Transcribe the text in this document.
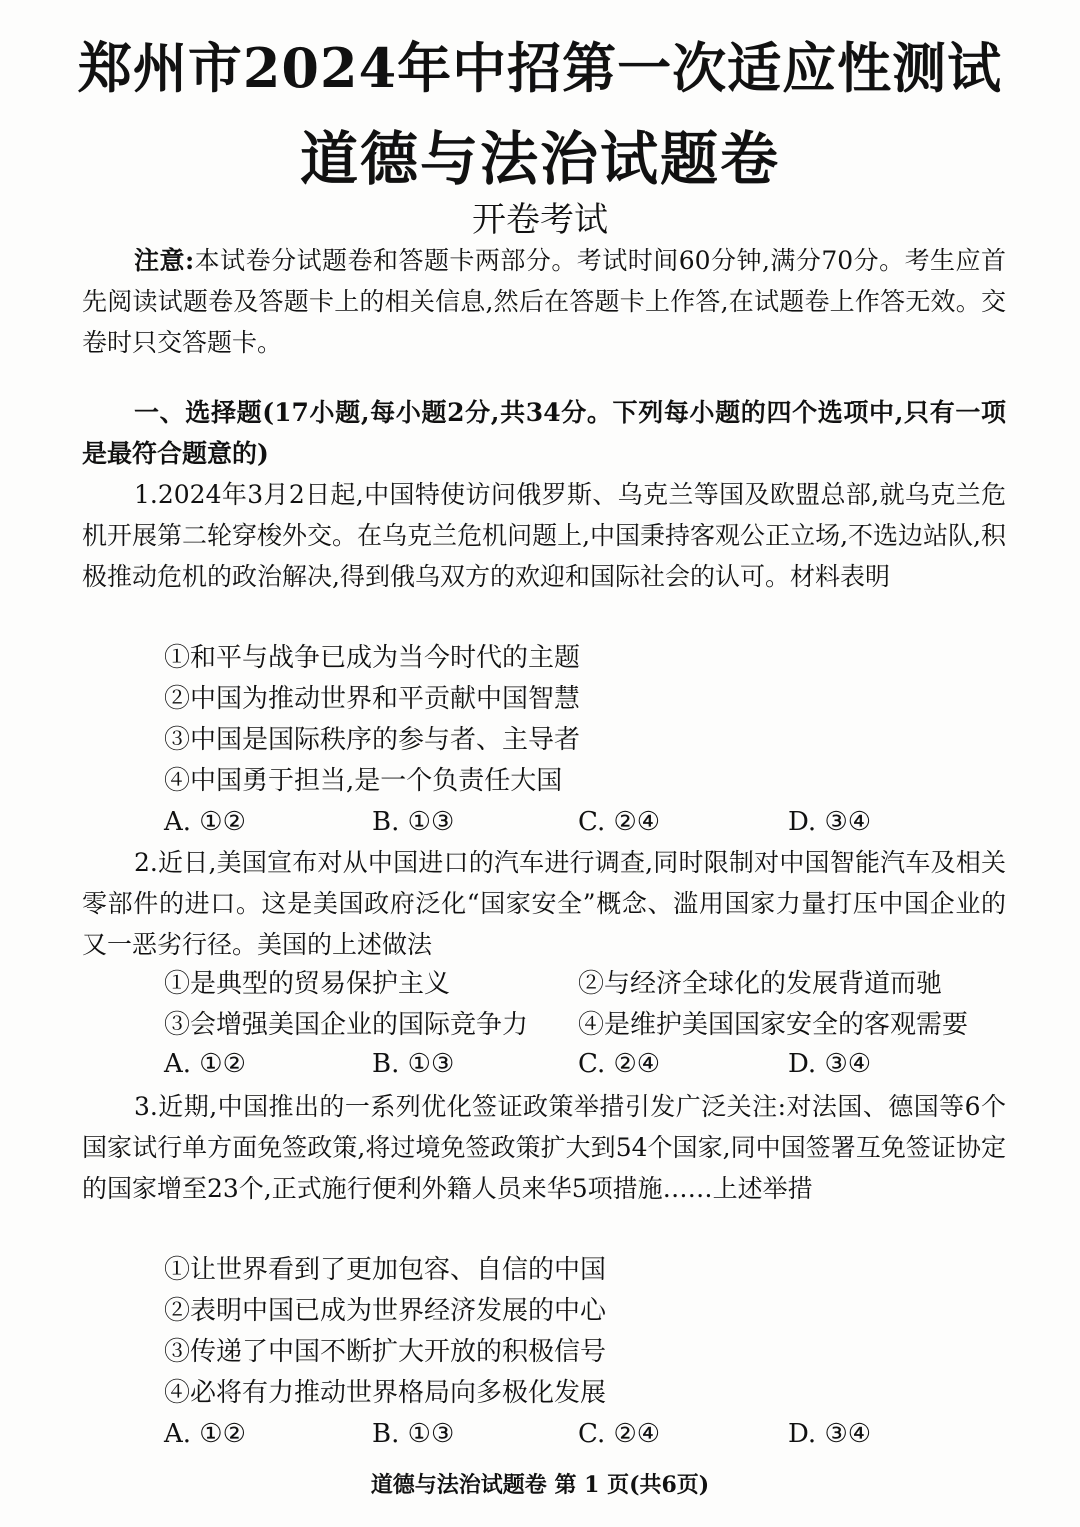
郑州市2024年中招第一次适应性测试
道德与法治试题卷
开卷考试
注意:本试卷分试题卷和答题卡两部分。考试时间60分钟,满分70分。考生应首先阅读试题卷及答题卡上的相关信息,然后在答题卡上作答,在试题卷上作答无效。交卷时只交答题卡。
一、选择题(17小题,每小题2分,共34分。下列每小题的四个选项中,只有一项是最符合题意的)
1.2024年3月2日起,中国特使访问俄罗斯、乌克兰等国及欧盟总部,就乌克兰危机开展第二轮穿梭外交。在乌克兰危机问题上,中国秉持客观公正立场,不选边站队,积极推动危机的政治解决,得到俄乌双方的欢迎和国际社会的认可。材料表明
①和平与战争已成为当今时代的主题
②中国为推动世界和平贡献中国智慧
③中国是国际秩序的参与者、主导者
④中国勇于担当,是一个负责任大国
A. ①②	B. ①③	C. ②④	D. ③④
2.近日,美国宣布对从中国进口的汽车进行调查,同时限制对中国智能汽车及相关零部件的进口。这是美国政府泛化“国家安全”概念、滥用国家力量打压中国企业的又一恶劣行径。美国的上述做法
①是典型的贸易保护主义	②与经济全球化的发展背道而驰
③会增强美国企业的国际竞争力 ④是维护美国国家安全的客观需要
A. ①②	B. ①③	C. ②④	D. ③④
3.近期,中国推出的一系列优化签证政策举措引发广泛关注:对法国、德国等6个国家试行单方面免签政策,将过境免签政策扩大到54个国家,同中国签署互免签证协定的国家增至23个,正式施行便利外籍人员来华5项措施……上述举措
①让世界看到了更加包容、自信的中国
②表明中国已成为世界经济发展的中心
③传递了中国不断扩大开放的积极信号
④必将有力推动世界格局向多极化发展
A. ①②	B. ①③	C. ②④	D. ③④
道德与法治试题卷 第 1 页(共6页)
